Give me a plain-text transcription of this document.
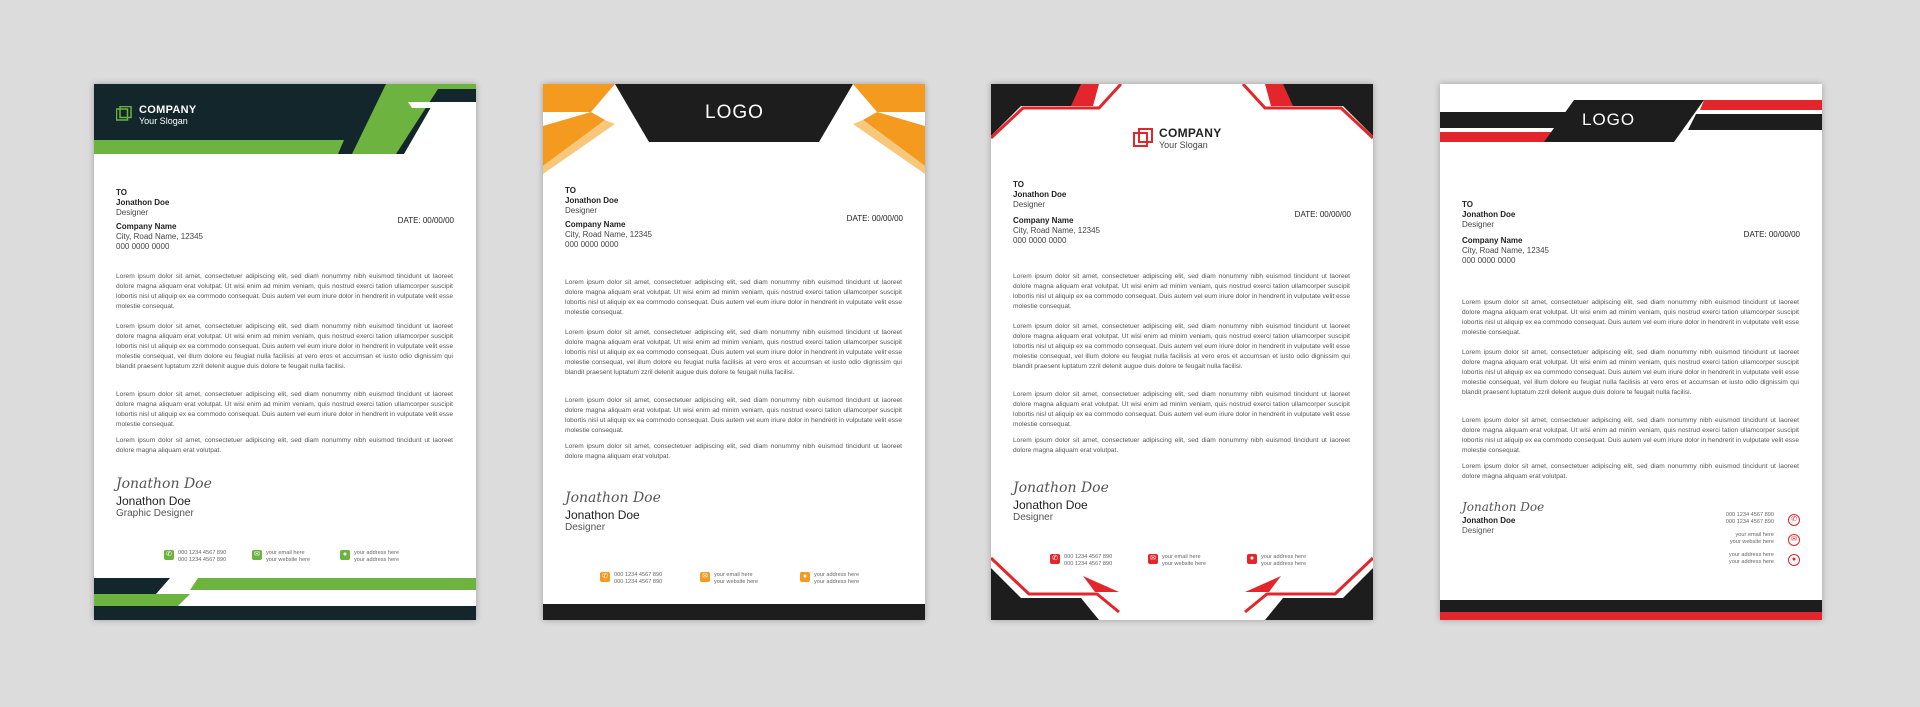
COMPANY
Your Slogan
TO
Jonathon Doe
Designer
Company Name
City, Road Name, 12345
000 0000 0000
DATE: 00/00/00
Lorem ipsum dolor sit amet, consectetuer adipiscing elit, sed diam nonummy nibh euismod tincidunt ut laoreet dolore magna aliquam erat volutpat. Ut wisi enim ad minim veniam, quis nostrud exerci tation ullamcorper suscipit lobortis nisl ut aliquip ex ea commodo consequat. Duis autem vel eum iriure dolor in hendrerit in vulputate velit esse molestie consequat.
Lorem ipsum dolor sit amet, consectetuer adipiscing elit, sed diam nonummy nibh euismod tincidunt ut laoreet dolore magna aliquam erat volutpat. Ut wisi enim ad minim veniam, quis nostrud exerci tation ullamcorper suscipit lobortis nisl ut aliquip ex ea commodo consequat. Duis autem vel eum iriure dolor in hendrerit in vulputate velit esse molestie consequat, vel illum dolore eu feugiat nulla facilisis at vero eros et accumsan et iusto odio dignissim qui blandit praesent luptatum zzril delenit augue duis dolore te feugait nulla facilisi.
Lorem ipsum dolor sit amet, consectetuer adipiscing elit, sed diam nonummy nibh euismod tincidunt ut laoreet dolore magna aliquam erat volutpat. Ut wisi enim ad minim veniam, quis nostrud exerci tation ullamcorper suscipit lobortis nisl ut aliquip ex ea commodo consequat. Duis autem vel eum iriure dolor in hendrerit in vulputate velit esse molestie consequat.
Lorem ipsum dolor sit amet, consectetuer adipiscing elit, sed diam nonummy nibh euismod tincidunt ut laoreet dolore magna aliquam erat volutpat.
Jonathon Doe
Jonathon Doe
Graphic Designer
✆	000 1234 4567 890
000 1234 4567 890
✉	your email here
your website here
●	your address here
your address here
LOGO
TO
Jonathon Doe
Designer
Company Name
City, Road Name, 12345
000 0000 0000
DATE: 00/00/00
Lorem ipsum dolor sit amet, consectetuer adipiscing elit, sed diam nonummy nibh euismod tincidunt ut laoreet dolore magna aliquam erat volutpat. Ut wisi enim ad minim veniam, quis nostrud exerci tation ullamcorper suscipit lobortis nisl ut aliquip ex ea commodo consequat. Duis autem vel eum iriure dolor in hendrerit in vulputate velit esse molestie consequat.
Lorem ipsum dolor sit amet, consectetuer adipiscing elit, sed diam nonummy nibh euismod tincidunt ut laoreet dolore magna aliquam erat volutpat. Ut wisi enim ad minim veniam, quis nostrud exerci tation ullamcorper suscipit lobortis nisl ut aliquip ex ea commodo consequat. Duis autem vel eum iriure dolor in hendrerit in vulputate velit esse molestie consequat, vel illum dolore eu feugiat nulla facilisis at vero eros et accumsan et iusto odio dignissim qui blandit praesent luptatum zzril delenit augue duis dolore te feugait nulla facilisi.
Lorem ipsum dolor sit amet, consectetuer adipiscing elit, sed diam nonummy nibh euismod tincidunt ut laoreet dolore magna aliquam erat volutpat. Ut wisi enim ad minim veniam, quis nostrud exerci tation ullamcorper suscipit lobortis nisl ut aliquip ex ea commodo consequat. Duis autem vel eum iriure dolor in hendrerit in vulputate velit esse molestie consequat.
Lorem ipsum dolor sit amet, consectetuer adipiscing elit, sed diam nonummy nibh euismod tincidunt ut laoreet dolore magna aliquam erat volutpat.
Jonathon Doe
Jonathon Doe
Designer
✆	000 1234 4567 890
000 1234 4567 890
✉	your email here
your website here
●	your address here
your address here
COMPANY
Your Slogan
TO
Jonathon Doe
Designer
Company Name
City, Road Name, 12345
000 0000 0000
DATE: 00/00/00
Lorem ipsum dolor sit amet, consectetuer adipiscing elit, sed diam nonummy nibh euismod tincidunt ut laoreet dolore magna aliquam erat volutpat. Ut wisi enim ad minim veniam, quis nostrud exerci tation ullamcorper suscipit lobortis nisl ut aliquip ex ea commodo consequat. Duis autem vel eum iriure dolor in hendrerit in vulputate velit esse molestie consequat.
Lorem ipsum dolor sit amet, consectetuer adipiscing elit, sed diam nonummy nibh euismod tincidunt ut laoreet dolore magna aliquam erat volutpat. Ut wisi enim ad minim veniam, quis nostrud exerci tation ullamcorper suscipit lobortis nisl ut aliquip ex ea commodo consequat. Duis autem vel eum iriure dolor in hendrerit in vulputate velit esse molestie consequat, vel illum dolore eu feugiat nulla facilisis at vero eros et accumsan et iusto odio dignissim qui blandit praesent luptatum zzril delenit augue duis dolore te feugait nulla facilisi.
Lorem ipsum dolor sit amet, consectetuer adipiscing elit, sed diam nonummy nibh euismod tincidunt ut laoreet dolore magna aliquam erat volutpat. Ut wisi enim ad minim veniam, quis nostrud exerci tation ullamcorper suscipit lobortis nisl ut aliquip ex ea commodo consequat. Duis autem vel eum iriure dolor in hendrerit in vulputate velit esse molestie consequat.
Lorem ipsum dolor sit amet, consectetuer adipiscing elit, sed diam nonummy nibh euismod tincidunt ut laoreet dolore magna aliquam erat volutpat.
Jonathon Doe
Jonathon Doe
Designer
✆	000 1234 4567 890
000 1234 4567 890
✉	your email here
your website here
●	your address here
your address here
LOGO
TO
Jonathon Doe
Designer
Company Name
City, Road Name, 12345
000 0000 0000
DATE: 00/00/00
Lorem ipsum dolor sit amet, consectetuer adipiscing elit, sed diam nonummy nibh euismod tincidunt ut laoreet dolore magna aliquam erat volutpat. Ut wisi enim ad minim veniam, quis nostrud exerci tation ullamcorper suscipit lobortis nisl ut aliquip ex ea commodo consequat. Duis autem vel eum iriure dolor in hendrerit in vulputate velit esse molestie consequat.
Lorem ipsum dolor sit amet, consectetuer adipiscing elit, sed diam nonummy nibh euismod tincidunt ut laoreet dolore magna aliquam erat volutpat. Ut wisi enim ad minim veniam, quis nostrud exerci tation ullamcorper suscipit lobortis nisl ut aliquip ex ea commodo consequat. Duis autem vel eum iriure dolor in hendrerit in vulputate velit esse molestie consequat, vel illum dolore eu feugiat nulla facilisis at vero eros et accumsan et iusto odio dignissim qui blandit praesent luptatum zzril delenit augue duis dolore te feugait nulla facilisi.
Lorem ipsum dolor sit amet, consectetuer adipiscing elit, sed diam nonummy nibh euismod tincidunt ut laoreet dolore magna aliquam erat volutpat. Ut wisi enim ad minim veniam, quis nostrud exerci tation ullamcorper suscipit lobortis nisl ut aliquip ex ea commodo consequat. Duis autem vel eum iriure dolor in hendrerit in vulputate velit esse molestie consequat.
Lorem ipsum dolor sit amet, consectetuer adipiscing elit, sed diam nonummy nibh euismod tincidunt ut laoreet dolore magna aliquam erat volutpat.
Jonathon Doe
Jonathon Doe
Designer
000 1234 4567 890
000 1234 4567 890	✆
your email here
your website here	✉
your address here
your address here	●
